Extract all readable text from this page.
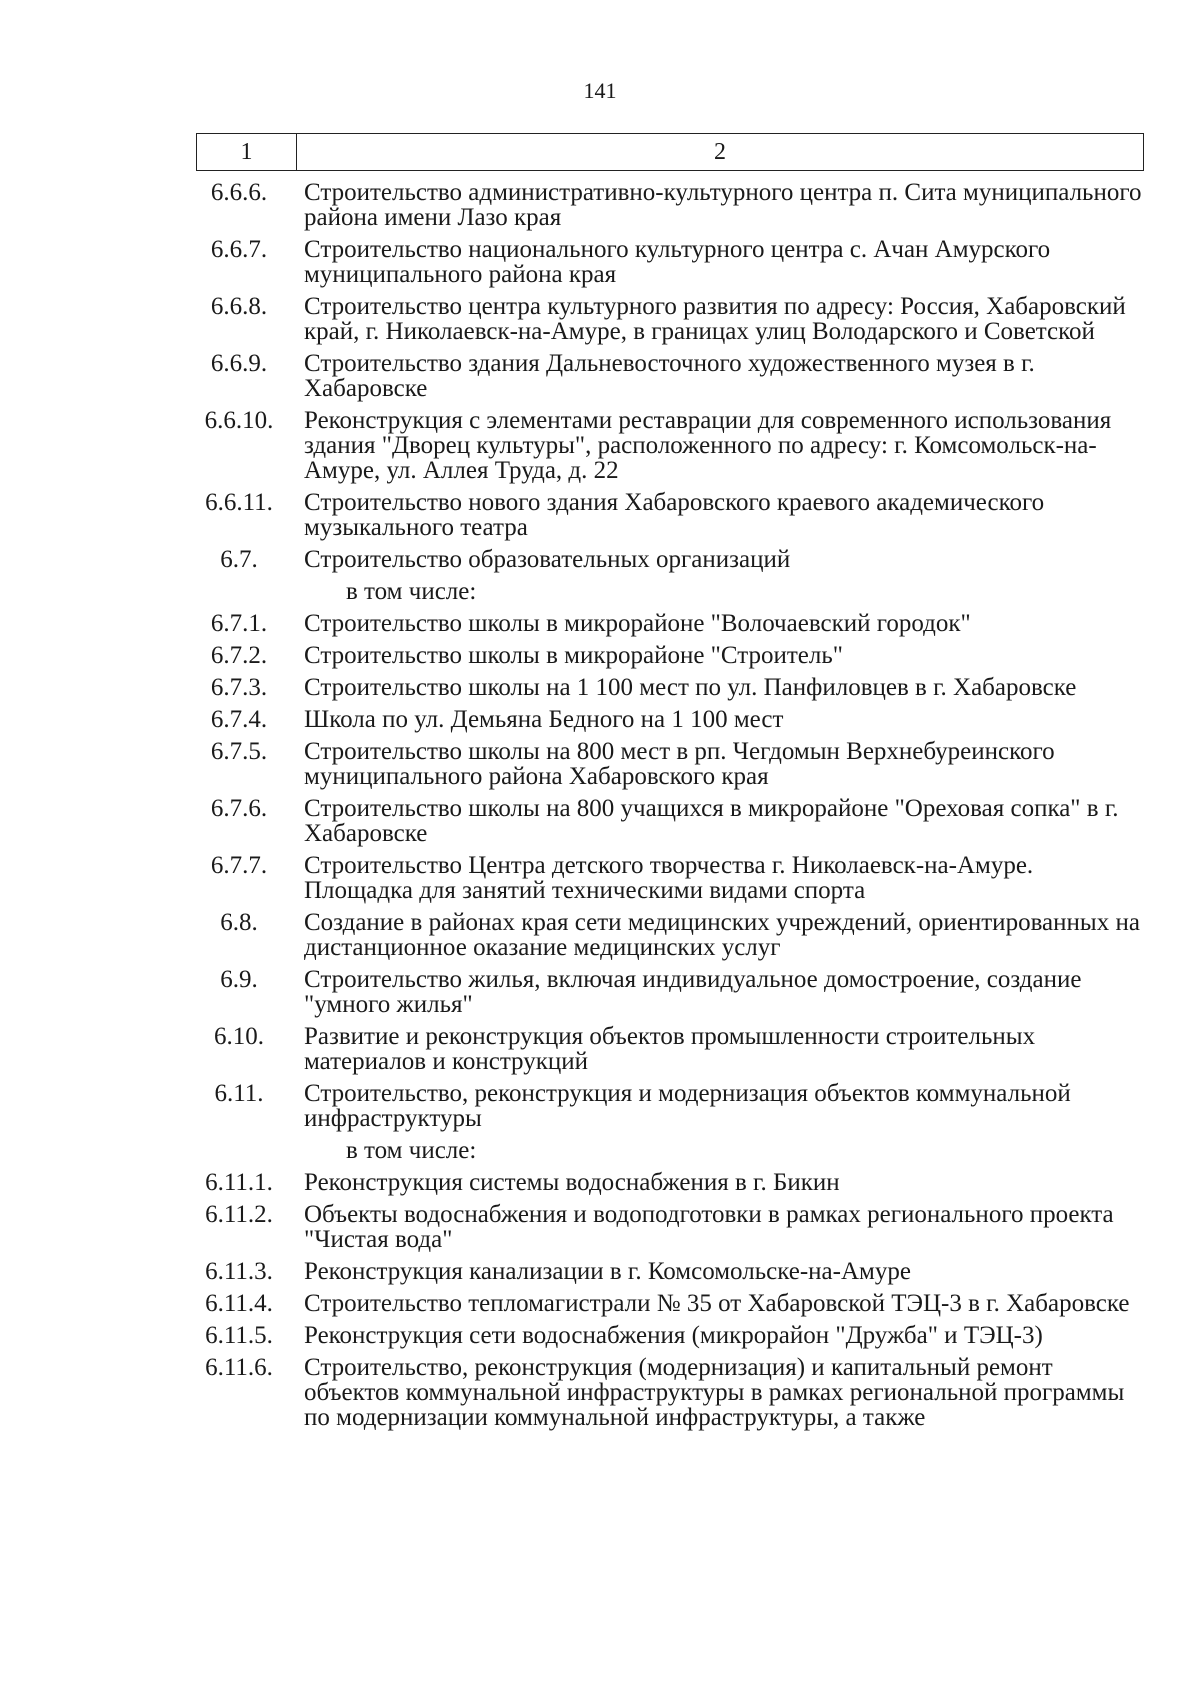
141
1	2
6.6.6.	Строительство административно-культурного центра п. Сита муниципального района имени Лазо края
6.6.7.	Строительство национального культурного центра с. Ачан Амурского муниципального района края
6.6.8.	Строительство центра культурного развития по адресу: Россия, Хабаровский край, г. Николаевск-на-Амуре, в границах улиц Володарского и Советской
6.6.9.	Строительство здания Дальневосточного художественного музея в г. Хабаровске
6.6.10.	Реконструкция с элементами реставрации для современного использования здания "Дворец культуры", расположенного по адресу: г. Комсомольск-на-Амуре, ул. Аллея Труда, д. 22
6.6.11.	Строительство нового здания Хабаровского краевого академического музыкального театра
6.7.	Строительство образовательных организаций
в том числе:
6.7.1.	Строительство школы в микрорайоне "Волочаевский городок"
6.7.2.	Строительство школы в микрорайоне "Строитель"
6.7.3.	Строительство школы на 1 100 мест по ул. Панфиловцев в г. Хабаровске
6.7.4.	Школа по ул. Демьяна Бедного на 1 100 мест
6.7.5.	Строительство школы на 800 мест в рп. Чегдомын Верхнебуреинского муниципального района Хабаровского края
6.7.6.	Строительство школы на 800 учащихся в микрорайоне "Ореховая сопка" в г. Хабаровске
6.7.7.	Строительство Центра детского творчества г. Николаевск-на-Амуре. Площадка для занятий техническими видами спорта
6.8.	Создание в районах края сети медицинских учреждений, ориентированных на дистанционное оказание медицинских услуг
6.9.	Строительство жилья, включая индивидуальное домостроение, создание "умного жилья"
6.10.	Развитие и реконструкция объектов промышленности строительных материалов и конструкций
6.11.	Строительство, реконструкция и модернизация объектов коммунальной инфраструктуры
в том числе:
6.11.1.	Реконструкция системы водоснабжения в г. Бикин
6.11.2.	Объекты водоснабжения и водоподготовки в рамках регионального проекта "Чистая вода"
6.11.3.	Реконструкция канализации в г. Комсомольске-на-Амуре
6.11.4.	Строительство тепломагистрали № 35 от Хабаровской ТЭЦ-3 в г. Хабаровске
6.11.5.	Реконструкция сети водоснабжения (микрорайон "Дружба" и ТЭЦ-3)
6.11.6.	Строительство, реконструкция (модернизация) и капитальный ремонт объектов коммунальной инфраструктуры в рамках региональной программы по модернизации коммунальной инфраструктуры, а также
